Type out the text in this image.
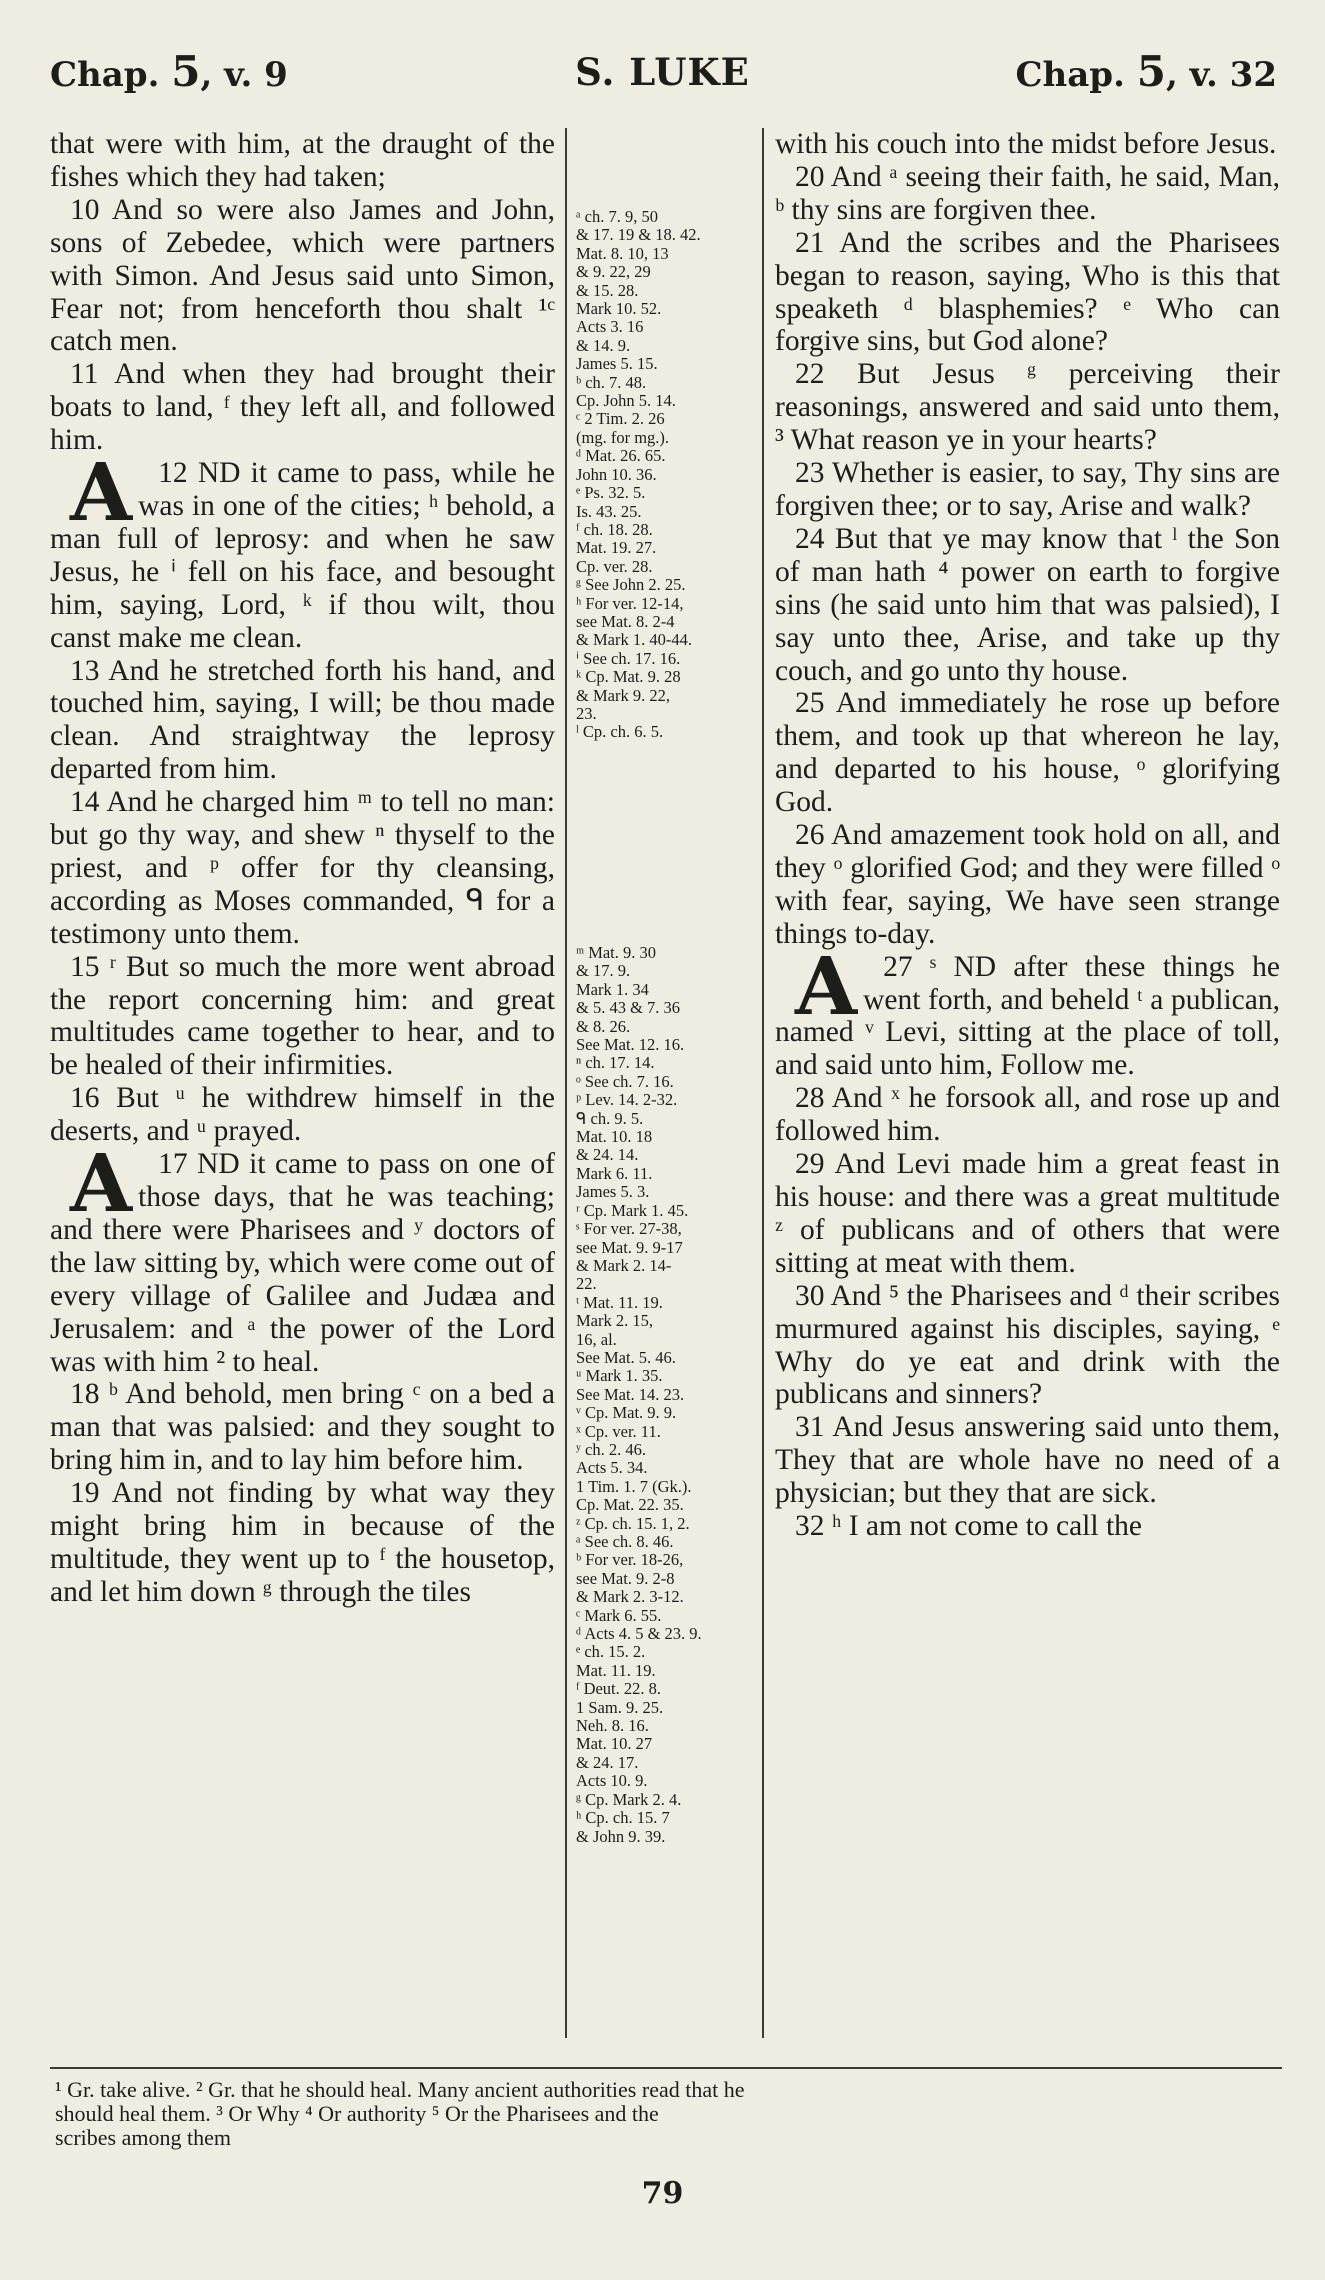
Chap. 5, v. 9	S. LUKE	Chap. 5, v. 32

that were with him, at the draught of the fishes which they had taken;

10 And so were also James and John, sons of Zebedee, which were partners with Simon. And Jesus said unto Simon, Fear not; from henceforth thou shalt ¹ᶜ catch men.

11 And when they had brought their boats to land, ᶠ they left all, and followed him.

12
A ND it came to pass, while he was in one of the cities; ʰ behold, a man full of leprosy: and when he saw Jesus, he ⁱ fell on his face, and besought him, saying, Lord, ᵏ if thou wilt, thou canst make me clean.

13 And he stretched forth his hand, and touched him, saying, I will; be thou made clean. And straightway the leprosy departed from him.

14 And he charged him ᵐ to tell no man: but go thy way, and shew ⁿ thyself to the priest, and ᵖ offer for thy cleansing, according as Moses commanded, ᑫ for a testimony unto them.

15 ʳ But so much the more went abroad the report concerning him: and great multitudes came together to hear, and to be healed of their infirmities.

16 But ᵘ he withdrew himself in the deserts, and ᵘ prayed.

17
A ND it came to pass on one of those days, that he was teaching; and there were Pharisees and ʸ doctors of the law sitting by, which were come out of every village of Galilee and Judæa and Jerusalem: and ᵃ the power of the Lord was with him ² to heal.

18 ᵇ And behold, men bring ᶜ on a bed a man that was palsied: and they sought to bring him in, and to lay him before him.

19 And not finding by what way they might bring him in because of the multitude, they went up to ᶠ the housetop, and let him down ᵍ through the tiles

ᵃ ch. 7. 9, 50
& 17. 19 & 18. 42.
Mat. 8. 10, 13
& 9. 22, 29
& 15. 28.
Mark 10. 52.
Acts 3. 16
& 14. 9.
James 5. 15.
ᵇ ch. 7. 48.
Cp. John 5. 14.
ᶜ 2 Tim. 2. 26
(mg. for mg.).
ᵈ Mat. 26. 65.
John 10. 36.
ᵉ Ps. 32. 5.
Is. 43. 25.
ᶠ ch. 18. 28.
Mat. 19. 27.
Cp. ver. 28.
ᵍ See John 2. 25.
ʰ For ver. 12-14,
see Mat. 8. 2-4
& Mark 1. 40-44.
ⁱ See ch. 17. 16.
ᵏ Cp. Mat. 9. 28
& Mark 9. 22,
23.
ˡ Cp. ch. 6. 5.
ᵐ Mat. 9. 30
& 17. 9.
Mark 1. 34
& 5. 43 & 7. 36
& 8. 26.
See Mat. 12. 16.
ⁿ ch. 17. 14.
ᵒ See ch. 7. 16.
ᵖ Lev. 14. 2-32.
ᑫ ch. 9. 5.
Mat. 10. 18
& 24. 14.
Mark 6. 11.
James 5. 3.
ʳ Cp. Mark 1. 45.
ˢ For ver. 27-38,
see Mat. 9. 9-17
& Mark 2. 14-
22.
ᵗ Mat. 11. 19.
Mark 2. 15,
16, al.
See Mat. 5. 46.
ᵘ Mark 1. 35.
See Mat. 14. 23.
ᵛ Cp. Mat. 9. 9.
ˣ Cp. ver. 11.
ʸ ch. 2. 46.
Acts 5. 34.
1 Tim. 1. 7 (Gk.).
Cp. Mat. 22. 35.
ᶻ Cp. ch. 15. 1, 2.
ᵃ See ch. 8. 46.
ᵇ For ver. 18-26,
see Mat. 9. 2-8
& Mark 2. 3-12.
ᶜ Mark 6. 55.
ᵈ Acts 4. 5 & 23. 9.
ᵉ ch. 15. 2.
Mat. 11. 19.
ᶠ Deut. 22. 8.
1 Sam. 9. 25.
Neh. 8. 16.
Mat. 10. 27
& 24. 17.
Acts 10. 9.
ᵍ Cp. Mark 2. 4.
ʰ Cp. ch. 15. 7
& John 9. 39.

with his couch into the midst before Jesus.

20 And ᵃ seeing their faith, he said, Man, ᵇ thy sins are forgiven thee.

21 And the scribes and the Pharisees began to reason, saying, Who is this that speaketh ᵈ blasphemies? ᵉ Who can forgive sins, but God alone?

22 But Jesus ᵍ perceiving their reasonings, answered and said unto them, ³ What reason ye in your hearts?

23 Whether is easier, to say, Thy sins are forgiven thee; or to say, Arise and walk?

24 But that ye may know that ˡ the Son of man hath ⁴ power on earth to forgive sins (he said unto him that was palsied), I say unto thee, Arise, and take up thy couch, and go unto thy house.

25 And immediately he rose up before them, and took up that whereon he lay, and departed to his house, ᵒ glorifying God.

26 And amazement took hold on all, and they ᵒ glorified God; and they were filled ᵒ with fear, saying, We have seen strange things to-day.

27 ˢ
A	ND after these things he went forth, and beheld ᵗ a publican, named ᵛ Levi, sitting at the place of toll, and said unto him, Follow me.

28 And ˣ he forsook all, and rose up and followed him.

29 And Levi made him a great feast in his house: and there was a great multitude ᶻ of publicans and of others that were sitting at meat with them.

30 And ⁵ the Pharisees and ᵈ their scribes murmured against his disciples, saying, ᵉ Why do ye eat and drink with the publicans and sinners?

31 And Jesus answering said unto them, They that are whole have no need of a physician; but they that are sick.

32 ʰ I am not come to call the

¹ Gr. take alive. ² Gr. that he should heal. Many ancient authorities read that he
should heal them. ³ Or Why ⁴ Or authority ⁵ Or the Pharisees and the
scribes among them
79
